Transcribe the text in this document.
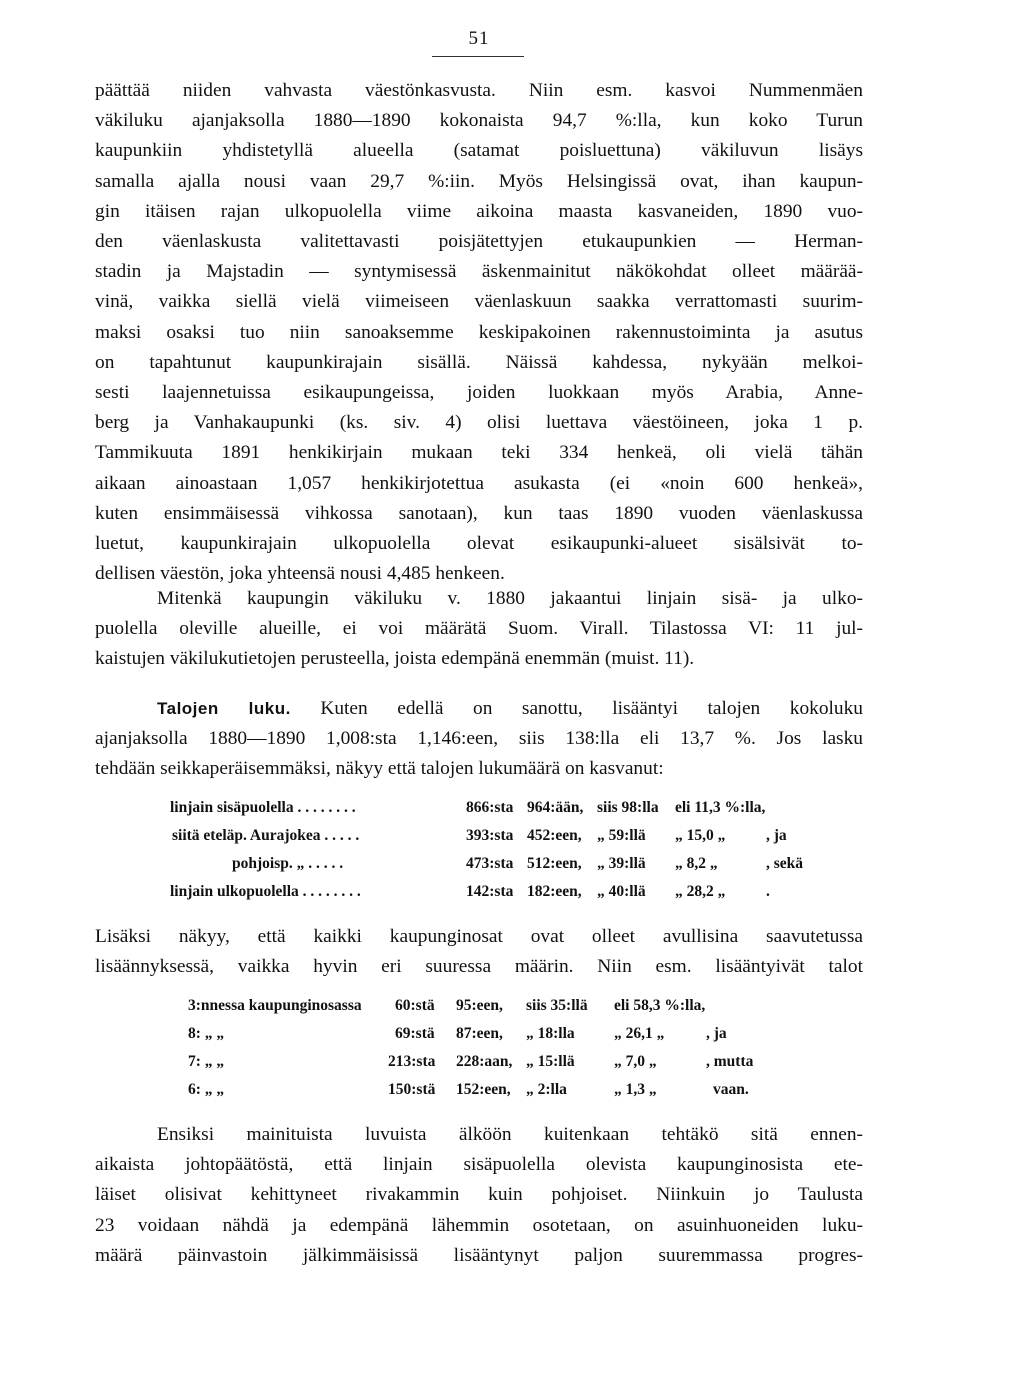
51
päättää niiden vahvasta väestönkasvusta. Niin esm. kasvoi Nummenmäen
väkiluku ajanjaksolla 1880—1890 kokonaista 94,7 %:lla, kun koko Turun
kaupunkiin yhdistetyllä alueella (satamat poisluettuna) väkiluvun lisäys
samalla ajalla nousi vaan 29,7 %:iin. Myös Helsingissä ovat, ihan kaupun-
gin itäisen rajan ulkopuolella viime aikoina maasta kasvaneiden, 1890 vuo-
den väenlaskusta valitettavasti poisjätettyjen etukaupunkien — Herman-
stadin ja Majstadin — syntymisessä äskenmainitut näkökohdat olleet määrää-
vinä, vaikka siellä vielä viimeiseen väenlaskuun saakka verrattomasti suurim-
maksi osaksi tuo niin sanoaksemme keskipakoinen rakennustoiminta ja asutus
on tapahtunut kaupunkirajain sisällä. Näissä kahdessa, nykyään melkoi-
sesti laajennetuissa esikaupungeissa, joiden luokkaan myös Arabia, Anne-
berg ja Vanhakaupunki (ks. siv. 4) olisi luettava väestöineen, joka 1 p.
Tammikuuta 1891 henkikirjain mukaan teki 334 henkeä, oli vielä tähän
aikaan ainoastaan 1,057 henkikirjotettua asukasta (ei «noin 600 henkeä»,
kuten ensimmäisessä vihkossa sanotaan), kun taas 1890 vuoden väenlaskussa
luetut, kaupunkirajain ulkopuolella olevat esikaupunki-alueet sisälsivät to-
dellisen väestön, joka yhteensä nousi 4,485 henkeen.
Mitenkä kaupungin väkiluku v. 1880 jakaantui linjain sisä- ja ulko-
puolella oleville alueille, ei voi määrätä Suom. Virall. Tilastossa VI: 11 jul-
kaistujen väkilukutietojen perusteella, joista edempänä enemmän (muist. 11).
Talojen luku. Kuten edellä on sanottu, lisääntyi talojen kokoluku
ajanjaksolla 1880—1890 1,008:sta 1,146:een, siis 138:lla eli 13,7 %. Jos lasku
tehdään seikkaperäisemmäksi, näkyy että talojen lukumäärä on kasvanut:
linjain sisäpuolella . . . . . . . .	866:sta 964:ään, siis 98:lla eli 11,3 %:lla,
siitä eteläp. Aurajokea . . . . .	393:sta 452:een, „ 59:llä „ 15,0 „	, ja
pohjoisp. „ . . . . .	473:sta 512:een, „ 39:llä „ 8,2 „	, sekä
linjain ulkopuolella . . . . . . . .	142:sta 182:een, „ 40:llä „ 28,2 „	.
Lisäksi näkyy, että kaikki kaupunginosat ovat olleet avullisina saavutetussa
lisäännyksessä, vaikka hyvin eri suuressa määrin. Niin esm. lisääntyivät talot
3:nnessa kaupunginosassa 60:stä 95:een, siis 35:llä eli 58,3 %:lla,
8: „ „	69:stä 87:een, „ 18:lla	„ 26,1 „	, ja
7: „ „	213:sta 228:aan, „ 15:llä	„ 7,0 „	, mutta
6: „ „	150:stä 152:een, „ 2:lla	„ 1,3 „	vaan.
Ensiksi mainituista luvuista älköön kuitenkaan tehtäkö sitä ennen-
aikaista johtopäätöstä, että linjain sisäpuolella olevista kaupunginosista ete-
läiset olisivat kehittyneet rivakammin kuin pohjoiset. Niinkuin jo Taulusta
23 voidaan nähdä ja edempänä lähemmin osotetaan, on asuinhuoneiden luku-
määrä päinvastoin jälkimmäisissä lisääntynyt paljon suuremmassa progres-
